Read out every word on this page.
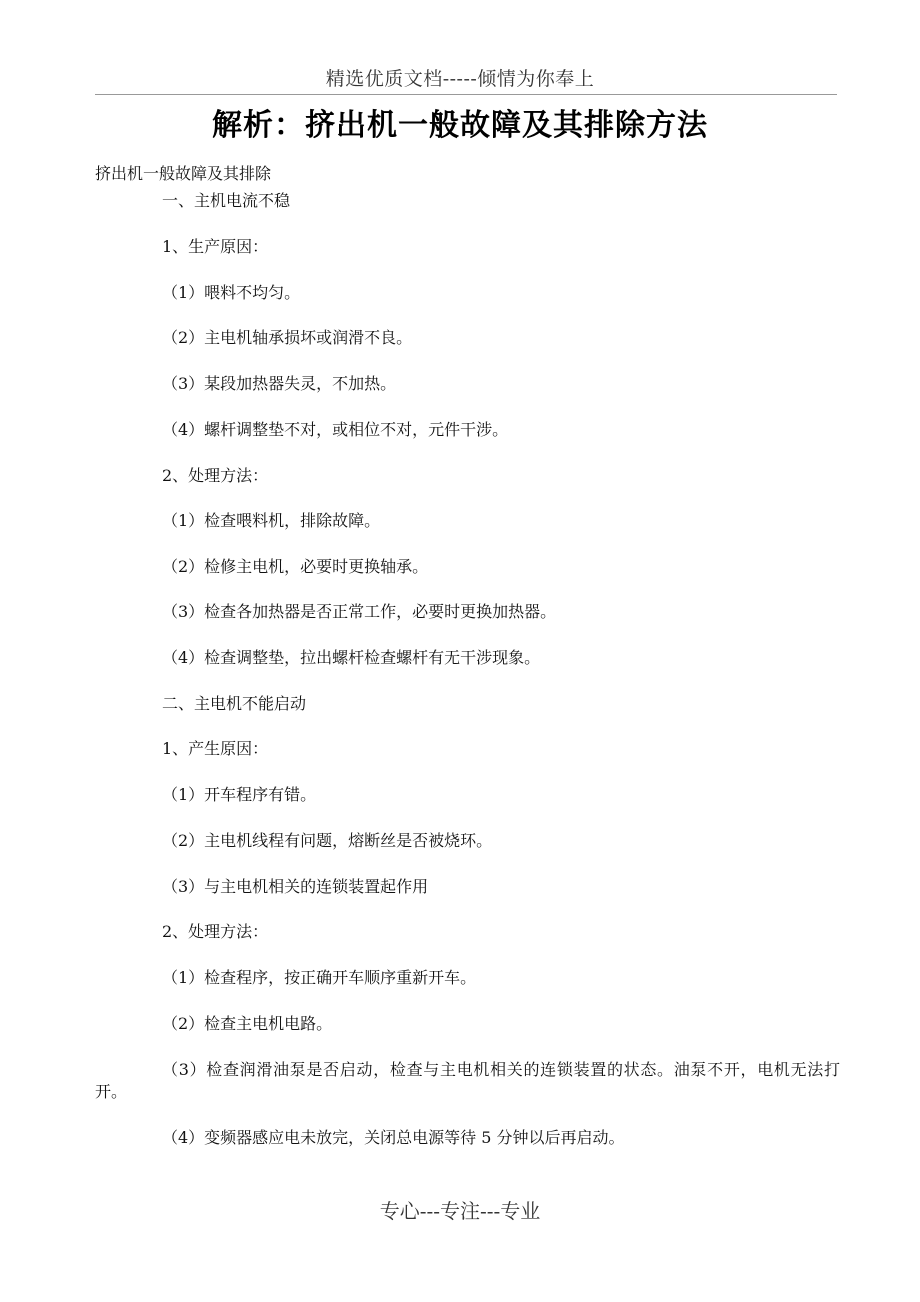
精选优质文档-----倾情为你奉上
解析：挤出机一般故障及其排除方法
挤出机一般故障及其排除
一、主机电流不稳
1、生产原因：
（1）喂料不均匀。
（2）主电机轴承损坏或润滑不良。
（3）某段加热器失灵，不加热。
（4）螺杆调整垫不对，或相位不对，元件干涉。
2、处理方法：
（1）检查喂料机，排除故障。
（2）检修主电机，必要时更换轴承。
（3）检查各加热器是否正常工作，必要时更换加热器。
（4）检查调整垫，拉出螺杆检查螺杆有无干涉现象。
二、主电机不能启动
1、产生原因：
（1）开车程序有错。
（2）主电机线程有问题，熔断丝是否被烧环。
（3）与主电机相关的连锁装置起作用
2、处理方法：
（1）检查程序，按正确开车顺序重新开车。
（2）检查主电机电路。
（3）检查润滑油泵是否启动，检查与主电机相关的连锁装置的状态。油泵不开，电机无法打开。
（4）变频器感应电未放完，关闭总电源等待 5 分钟以后再启动。
专心---专注---专业
